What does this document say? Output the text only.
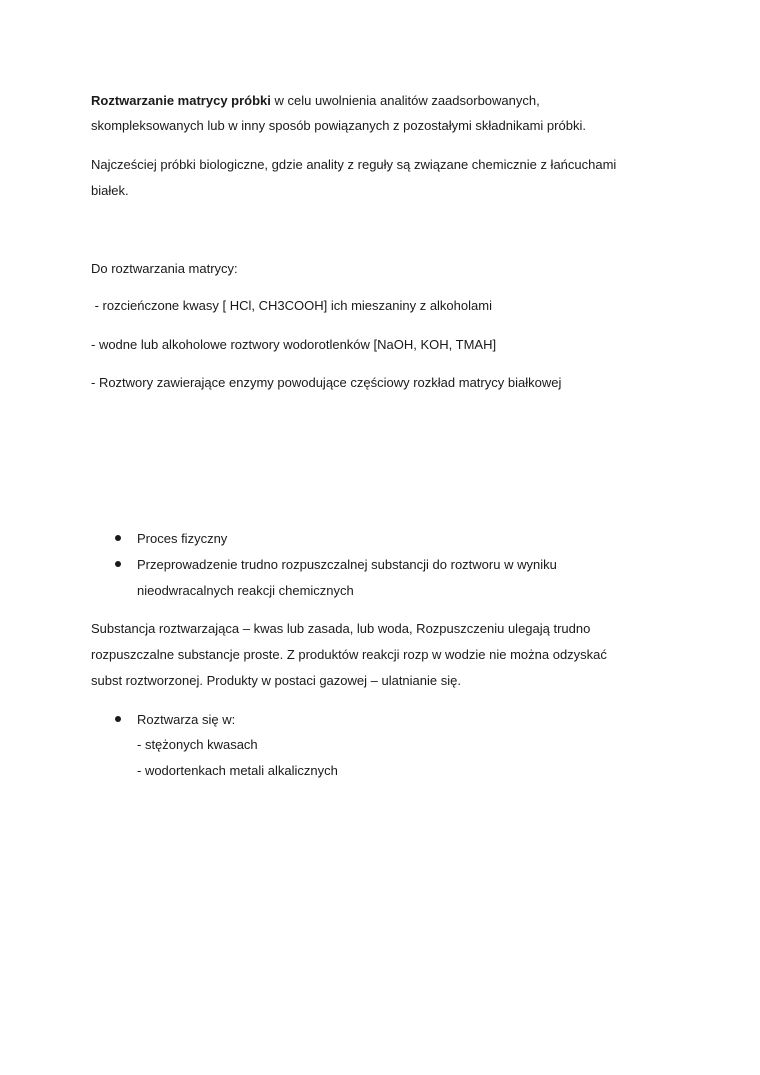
Roztwarzanie matrycy próbki w celu uwolnienia analitów zaadsorbowanych,

skompleksowanych lub w inny sposób powiązanych z pozostałymi składnikami próbki.

Najcześciej próbki biologiczne, gdzie anality z reguły są związane chemicznie z łańcuchami

białek.

Do roztwarzania matrycy:

- rozcieńczone kwasy [ HCl, CH3COOH] ich mieszaniny z alkoholami

- wodne lub alkoholowe roztwory wodorotlenków [NaOH, KOH, TMAH]

- Roztwory zawierające enzymy powodujące częściowy rozkład matrycy białkowej

Proces fizyczny

Przeprowadzenie trudno rozpuszczalnej substancji do roztworu w wyniku

nieodwracalnych reakcji chemicznych

Substancja roztwarzająca – kwas lub zasada, lub woda, Rozpuszczeniu ulegają trudno

rozpuszczalne substancje proste. Z produktów reakcji rozp w wodzie nie można odzyskać

subst roztworzonej. Produkty w postaci gazowej – ulatnianie się.

Roztwarza się w:

- stężonych kwasach

- wodortenkach metali alkalicznych
